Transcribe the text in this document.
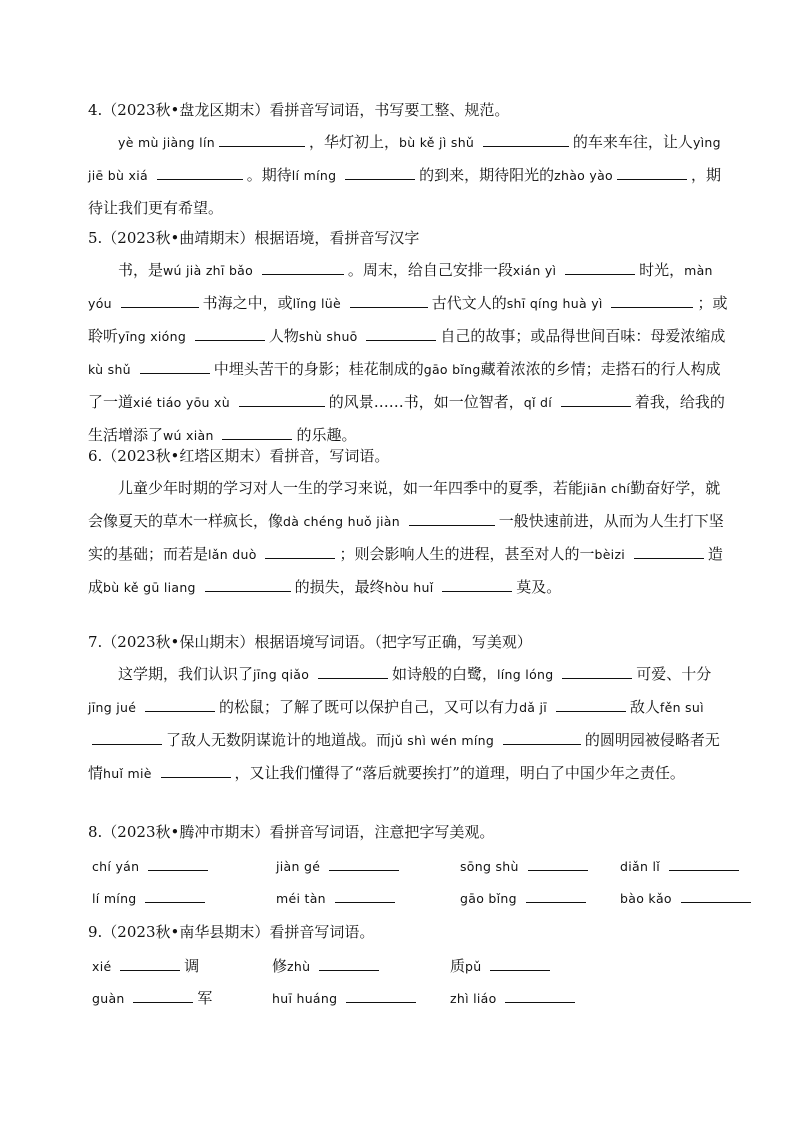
4.（2023秋•盘龙区期末）看拼音写词语，书写要工整、规范。
yè mù jiàng lín	，华灯初上，bù kě jì shǔ	的车来车往，让人yìng jiē bù xiá	。期待lí míng	的到来，期待阳光的zhào yào	，期待让我们更有希望。
5.（2023秋•曲靖期末）根据语境，看拼音写汉字
书，是wú jià zhī bǎo	。周末，给自己安排一段xián yì	时光，màn yóu	书海之中，或lǐng lüè	古代文人的shī qíng huà yì	；或聆听yīng xióng	人物shù shuō	自己的故事；或品得世间百味：母爱浓缩成kù shǔ	中埋头苦干的身影；桂花制成的gāo bǐng藏着浓浓的乡情；走搭石的行人构成了一道xié tiáo yōu xù	的风景……书，如一位智者，qǐ dí	着我，给我的生活增添了wú xiàn	的乐趣。
6.（2023秋•红塔区期末）看拼音，写词语。
儿童少年时期的学习对人一生的学习来说，如一年四季中的夏季，若能jiān chí勤奋好学，就会像夏天的草木一样疯长，像dà chéng huǒ jiàn	一般快速前进，从而为人生打下坚实的基础；而若是lǎn duò	；则会影响人生的进程，甚至对人的一bèizi	造成bù kě gū liang	的损失，最终hòu huǐ	莫及。
7.（2023秋•保山期末）根据语境写词语。（把字写正确，写美观）
这学期，我们认识了jīng qiǎo	如诗般的白鹭，líng lóng	可爱、十分jīng jué	的松鼠；了解了既可以保护自己，又可以有力dǎ jī	敌人fěn suì 了敌人无数阴谋诡计的地道战。而jǔ shì wén míng	的圆明园被侵略者无情huǐ miè	，又让我们懂得了“落后就要挨打”的道理，明白了中国少年之责任。
8.（2023秋•腾冲市期末）看拼音写词语，注意把字写美观。
chí yán	jiàn gé	sōng shù	diǎn lǐ
lí míng	méi tàn	gāo bǐng	bào kǎo
9.（2023秋•南华县期末）看拼音写词语。
xié	调	修zhù	质pǔ
guàn	军	huī huáng	zhì liáo
